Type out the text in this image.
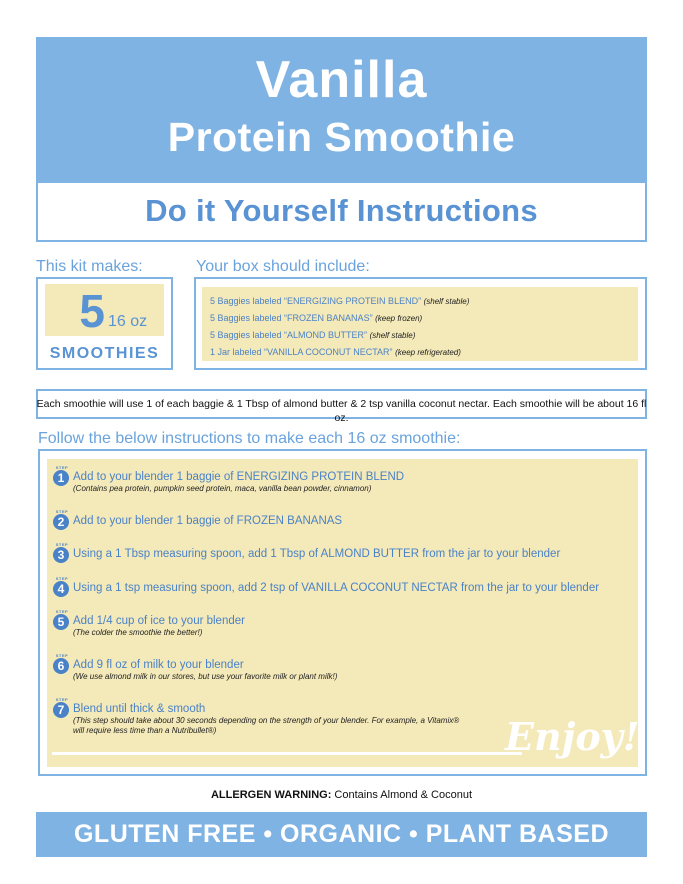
Vanilla
Protein Smoothie
Do it Yourself Instructions
This kit makes:	Your box should include:
5 16 oz
SMOOTHIES
5 Baggies labeled “ENERGIZING PROTEIN BLEND” (shelf stable)
5 Baggies labeled “FROZEN BANANAS” (keep frozen)
5 Baggies labeled “ALMOND BUTTER” (shelf stable)
1 Jar labeled “VANILLA COCONUT NECTAR” (keep refrigerated)
Each smoothie will use 1 of each baggie & 1 Tbsp of almond butter & 2 tsp vanilla coconut nectar. Each smoothie will be about 16 fl oz.
Follow the below instructions to make each 16 oz smoothie:
STEP
1 Add to your blender 1 baggie of ENERGIZING PROTEIN BLEND
(Contains pea protein, pumpkin seed protein, maca, vanilla bean powder, cinnamon)
STEP
2 Add to your blender 1 baggie of FROZEN BANANAS
STEP
3 Using a 1 Tbsp measuring spoon, add 1 Tbsp of ALMOND BUTTER from the jar to your blender
STEP
4 Using a 1 tsp measuring spoon, add 2 tsp of VANILLA COCONUT NECTAR from the jar to your blender
STEP
5 Add 1/4 cup of ice to your blender
(The colder the smoothie the better!)
STEP
6 Add 9 fl oz of milk to your blender
(We use almond milk in our stores, but use your favorite milk or plant milk!)
STEP
7 Blend until thick & smooth
(This step should take about 30 seconds depending on the strength of your blender. For example, a Vitamix®
will require less time than a Nutribullet®)	Enjoy!
ALLERGEN WARNING: Contains Almond & Coconut
GLUTEN FREE • ORGANIC • PLANT BASED
